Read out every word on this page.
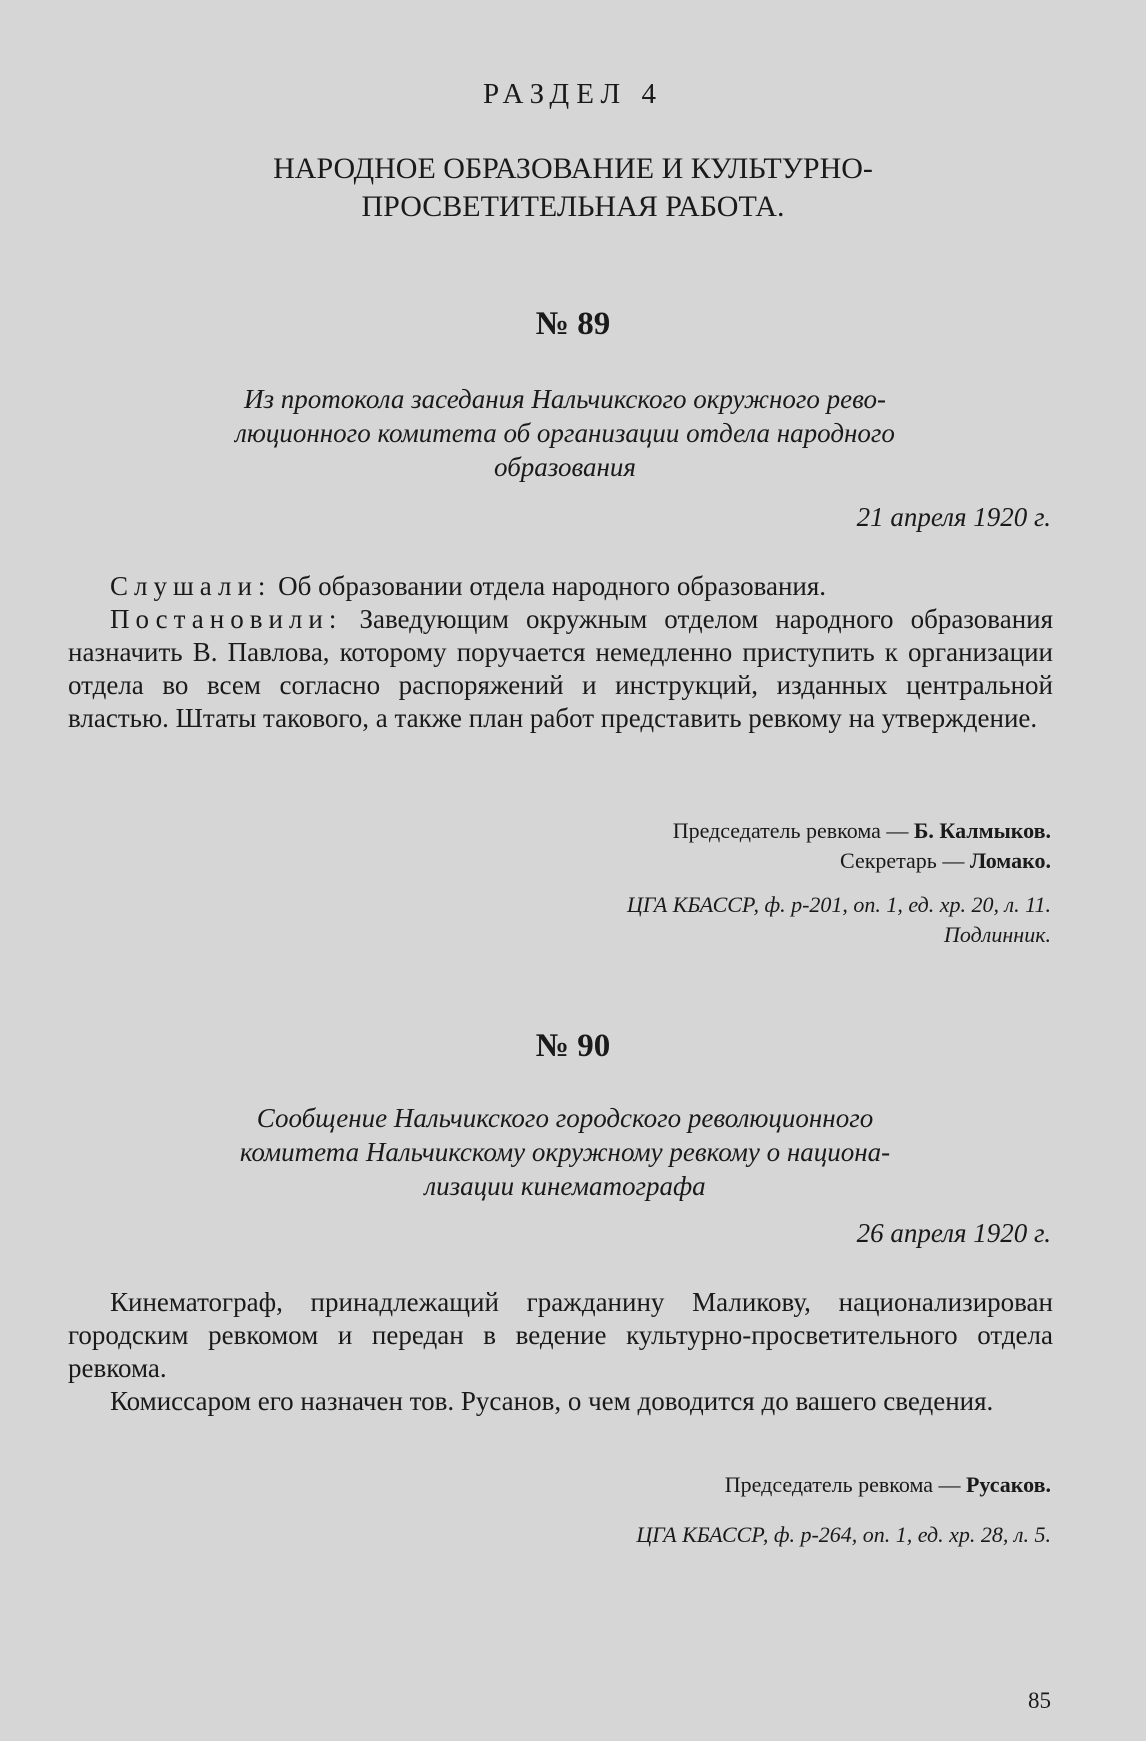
РАЗДЕЛ 4
НАРОДНОЕ ОБРАЗОВАНИЕ И КУЛЬТУРНО-
ПРОСВЕТИТЕЛЬНАЯ РАБОТА.
№ 89
Из протокола заседания Нальчикского окружного рево-
люционного комитета об организации отдела народного
образования
21 апреля 1920 г.

Слушали: Об образовании отдела народного образования.

Постановили: Заведующим окружным отделом народного образования назначить В. Павлова, которому поручается немедленно приступить к организации отдела во всем согласно распоряжений и инструкций, изданных центральной властью. Штаты такового, а также план работ представить ревкому на утверждение.

Председатель ревкома — Б. Калмыков.
Секретарь — Ломако.
ЦГА КБАССР, ф. р-201, оп. 1, ед. хр. 20, л. 11.
Подлинник.
№ 90
Сообщение Нальчикского городского революционного
комитета Нальчикскому окружному ревкому о национа-
лизации кинематографа
26 апреля 1920 г.

Кинематограф, принадлежащий гражданину Маликову, национализирован городским ревкомом и передан в ведение культурно-просветительного отдела ревкома.

Комиссаром его назначен тов. Русанов, о чем доводится до вашего сведения.

Председатель ревкома — Русаков.
ЦГА КБАССР, ф. р-264, оп. 1, ед. хр. 28, л. 5.
85
